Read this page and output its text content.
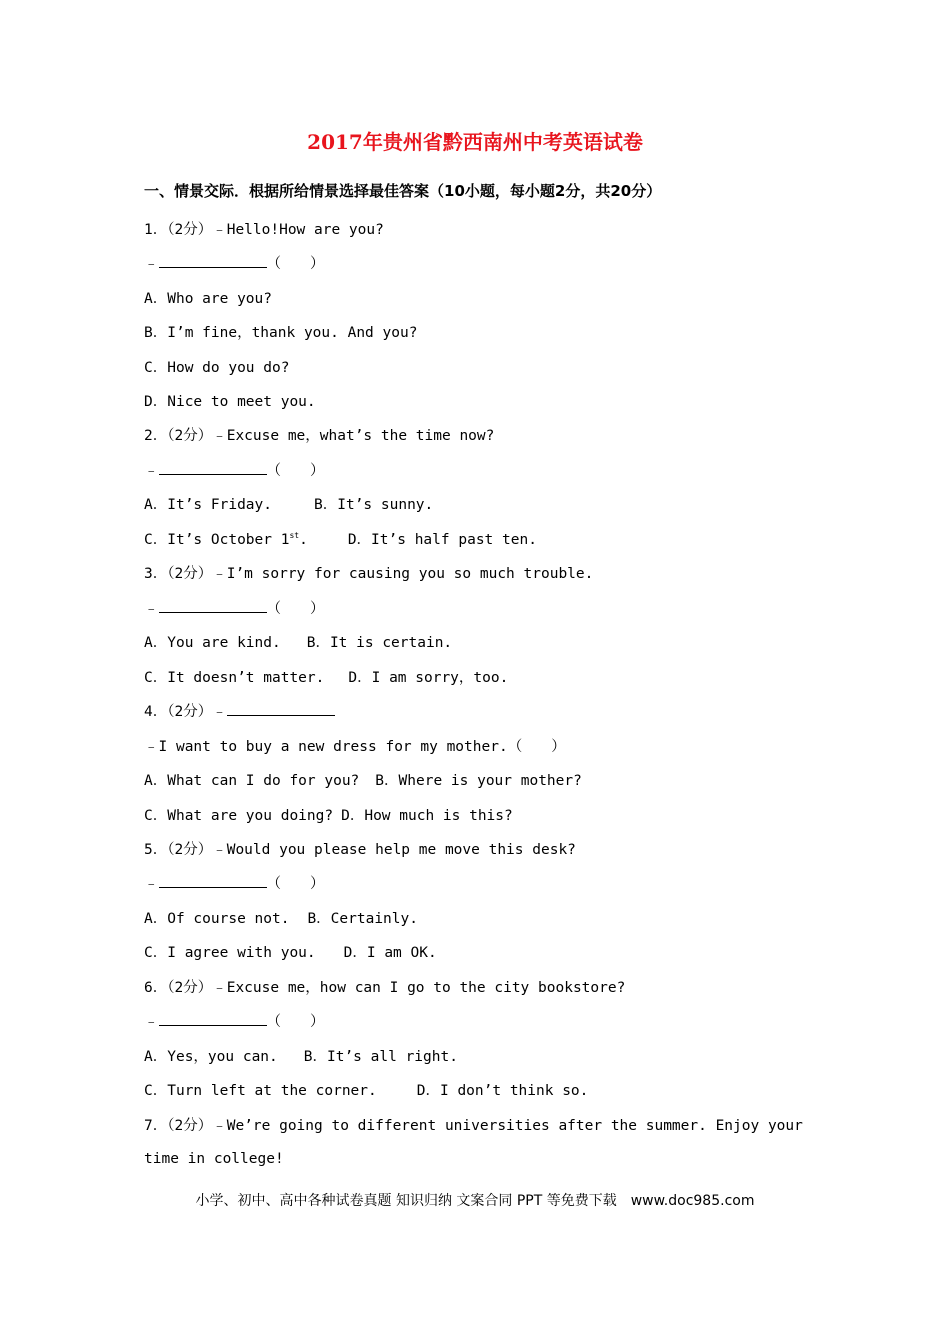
2017年贵州省黔西南州中考英语试卷
一、情景交际．根据所给情景选择最佳答案（10小题，每小题2分，共20分）
1．（2分）﹣Hello!How are you?
﹣	（　　）
A．Who are you?
B．I’m fine，thank you. And you?
C．How do you do?
D．Nice to meet you.
2．（2分）﹣Excuse me，what’s the time now?
﹣	（　　）
A．It’s Friday.	B．It’s sunny.
C．It’s October 1st.	D．It’s half past ten.
3．（2分）﹣I’m sorry for causing you so much trouble.
﹣	（　　）
A．You are kind. B．It is certain.
C．It doesn’t matter. D．I am sorry，too.
4．（2分）﹣
﹣I want to buy a new dress for my mother.（　　）
A．What can I do for you? B．Where is your mother?
C．What are you doing? D．How much is this?
5．（2分）﹣Would you please help me move this desk?
﹣	（　　）
A．Of course not. B．Certainly.
C．I agree with you. D．I am OK.
6．（2分）﹣Excuse me，how can I go to the city bookstore?
﹣	（　　）
A．Yes，you can. B．It’s all right.
C．Turn left at the corner.	D．I don’t think so.
7．（2分）﹣We’re going to different universities after the summer. Enjoy your
time in college!
小学、初中、高中各种试卷真题 知识归纳 文案合同 PPT 等免费下载　www.doc985.com
